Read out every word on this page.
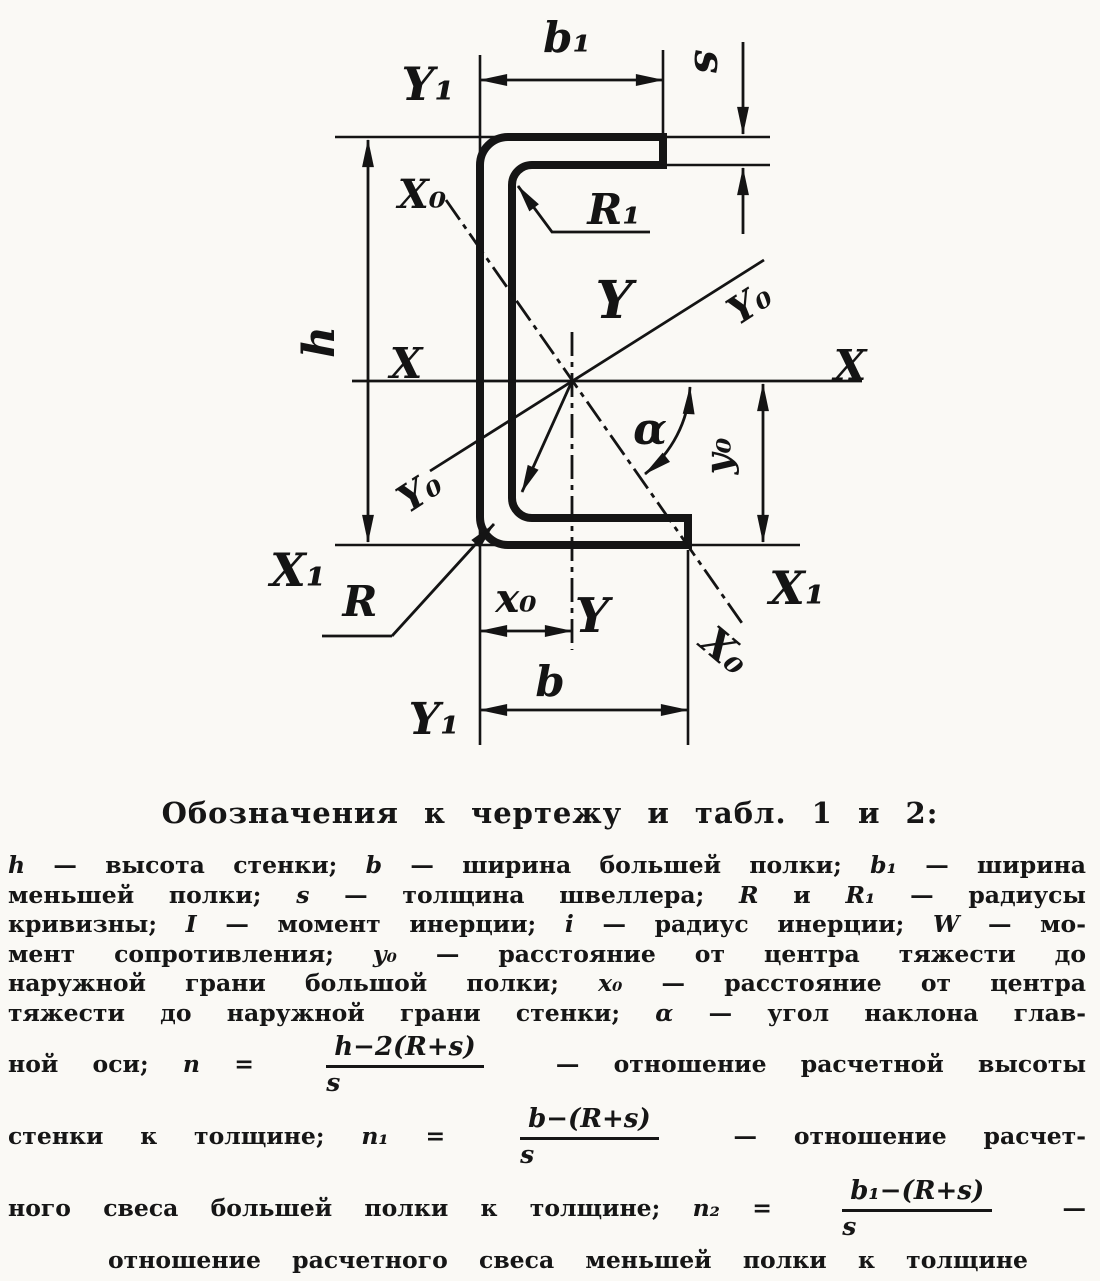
Y₁
b₁ s
X₀	R₁
Y Y₀
X	X
h
α
y₀
Y₀
X₁	X₁
R	x₀ Y
b	X₀
Y₁
Обозначения к чертежу и табл. 1 и 2:
h — высота стенки; b — ширина большей полки; b₁ — ширина
меньшей полки; s — толщина швеллера; R и R₁ — радиусы
кривизны; I — момент инерции; i — радиус инерции; W — мо-
мент сопротивления; y₀ — расстояние от центра тяжести до
наружной грани большой полки; x₀ — расстояние от центра
тяжести до наружной грани стенки; α — угол наклона глав-
ной оси; $n = \frac{h-2(R+s)}{s}$ — отношение расчетной высоты
стенки к толщине; $n_1 = \frac{b-(R+s)}{s}$ — отношение расчет-
ного свеса большей полки к толщине; $n_2 = \frac{\text{b₁−(R+s)}}{s}$ —
отношение расчетного свеса меньшей полки к толщине
